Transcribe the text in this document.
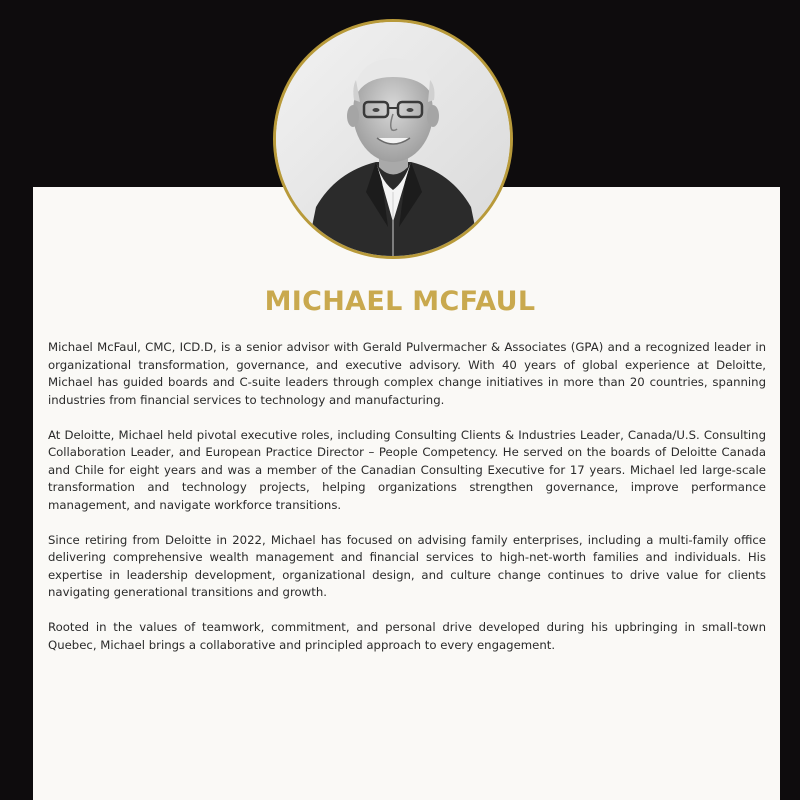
MICHAEL MCFAUL

Michael McFaul, CMC, ICD.D, is a senior advisor with Gerald Pulvermacher & Associates (GPA) and a recognized leader in organizational transformation, governance, and executive advisory. With 40 years of global experience at Deloitte, Michael has guided boards and C-suite leaders through complex change initiatives in more than 20 countries, spanning industries from financial services to technology and manufacturing.

At Deloitte, Michael held pivotal executive roles, including Consulting Clients & Industries Leader, Canada/U.S. Consulting Collaboration Leader, and European Practice Director – People Competency. He served on the boards of Deloitte Canada and Chile for eight years and was a member of the Canadian Consulting Executive for 17 years. Michael led large-scale transformation and technology projects, helping organizations strengthen governance, improve performance management, and navigate workforce transitions.

Since retiring from Deloitte in 2022, Michael has focused on advising family enterprises, including a multi-family office delivering comprehensive wealth management and financial services to high-net-worth families and individuals. His expertise in leadership development, organizational design, and culture change continues to drive value for clients navigating generational transitions and growth.

Rooted in the values of teamwork, commitment, and personal drive developed during his upbringing in small-town Quebec, Michael brings a collaborative and principled approach to every engagement.
